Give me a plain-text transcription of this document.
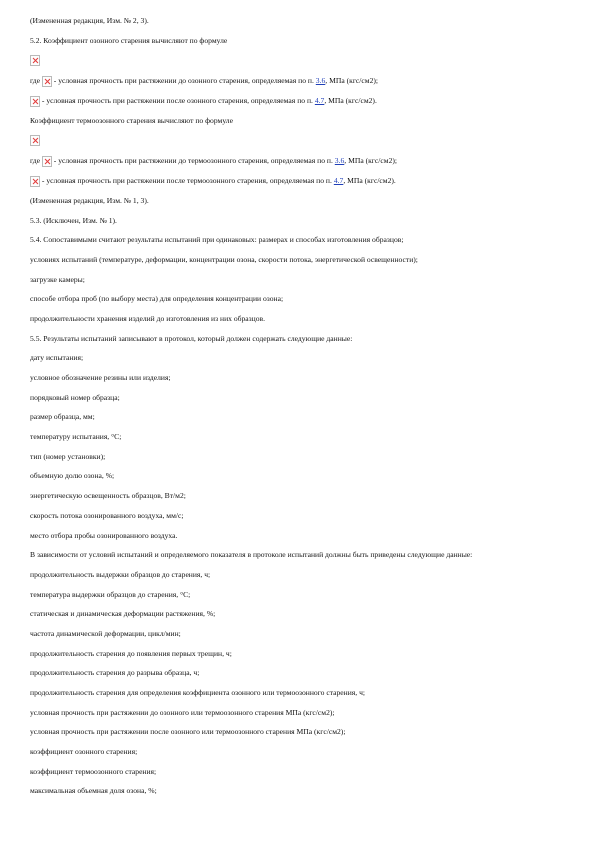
(Измененная редакция, Изм. № 2, 3).
5.2. Коэффициент озонного старения вычисляют по формуле
где - условная прочность при растяжении до озонного старения, определяемая по п. 3.6, МПа (кгс/см2);
- условная прочность при растяжении после озонного старения, определяемая по п. 4.7, МПа (кгс/см2).
Коэффициент термоозонного старения вычисляют по формуле
где - условная прочность при растяжении до термоозонного старения, определяемая по п. 3.6, МПа (кгс/см2);
- условная прочность при растяжении после термоозонного старения, определяемая по п. 4.7, МПа (кгс/см2).
(Измененная редакция, Изм. № 1, 3).
5.3. (Исключен, Изм. № 1).
5.4. Сопоставимыми считают результаты испытаний при одинаковых: размерах и способах изготовления образцов;
условиях испытаний (температуре, деформации, концентрации озона, скорости потока, энергетической освещенности);
загрузке камеры;
способе отбора проб (по выбору места) для определения концентрации озона;
продолжительности хранения изделий до изготовления из них образцов.
5.5. Результаты испытаний записывают в протокол, который должен содержать следующие данные:
дату испытания;
условное обозначение резины или изделия;
порядковый номер образца;
размер образца, мм;
температуру испытания, °С;
тип (номер установки);
объемную долю озона, %;
энергетическую освещенность образцов, Вт/м2;
скорость потока озонированного воздуха, мм/с;
место отбора пробы озонированного воздуха.
В зависимости от условий испытаний и определяемого показателя в протоколе испытаний должны быть приведены следующие данные:
продолжительность выдержки образцов до старения, ч;
температура выдержки образцов до старения, °С;
статическая и динамическая деформации растяжения, %;
частота динамической деформации, цикл/мин;
продолжительность старения до появления первых трещин, ч;
продолжительность старения до разрыва образца, ч;
продолжительность старения для определения коэффициента озонного или термоозонного старения, ч;
условная прочность при растяжении до озонного или термоозонного старения МПа (кгс/см2);
условная прочность при растяжении после озонного или термоозонного старения МПа (кгс/см2);
коэффициент озонного старения;
коэффициент термоозонного старения;
максимальная объемная доля озона, %;
